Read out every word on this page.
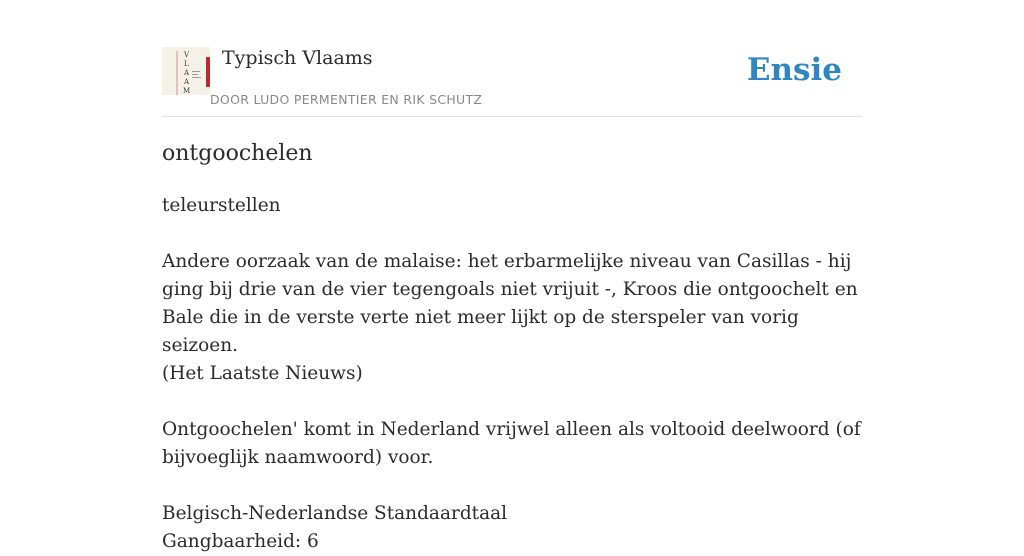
V
L
A
A
M
Typisch Vlaams
DOOR LUDO PERMENTIER EN RIK SCHUTZ
Ensie
ontgoochelen

teleurstellen

Andere oorzaak van de malaise: het erbarmelijke niveau van Casillas - hij ging bij drie van de vier tegengoals niet vrijuit -, Kroos die ontgoochelt en Bale die in de verste verte niet meer lijkt op de sterspeler van vorig seizoen.

(Het Laatste Nieuws)

Ontgoochelen' komt in Nederland vrijwel alleen als voltooid deelwoord (of bijvoeglijk naamwoord) voor.

Belgisch-Nederlandse Standaardtaal

Gangbaarheid: 6
